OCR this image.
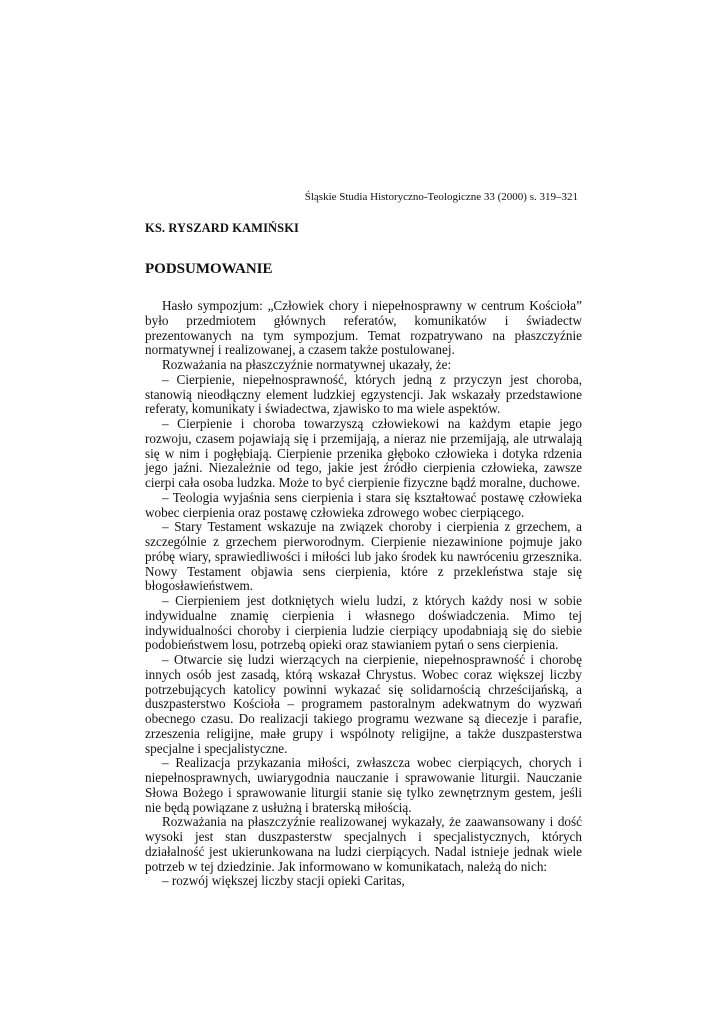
Śląskie Studia Historyczno-Teologiczne 33 (2000) s. 319–321
KS. RYSZARD KAMIŃSKI
PODSUMOWANIE

Hasło sympozjum: „Człowiek chory i niepełnosprawny w centrum Kościoła” było przedmiotem głównych referatów, komunikatów i świadectw prezentowanych na tym sympozjum. Temat rozpatrywano na płaszczyźnie normatywnej i realizowanej, a czasem także postulowanej.

Rozważania na płaszczyźnie normatywnej ukazały, że:

– Cierpienie, niepełnosprawność, których jedną z przyczyn jest choroba, stanowią nieodłączny element ludzkiej egzystencji. Jak wskazały przedstawione referaty, komunikaty i świadectwa, zjawisko to ma wiele aspektów.

– Cierpienie i choroba towarzyszą człowiekowi na każdym etapie jego rozwoju, czasem pojawiają się i przemijają, a nieraz nie przemijają, ale utrwalają się w nim i pogłębiają. Cierpienie przenika głęboko człowieka i dotyka rdzenia jego jaźni. Niezależnie od tego, jakie jest źródło cierpienia człowieka, zawsze cierpi cała osoba ludzka. Może to być cierpienie fizyczne bądź moralne, duchowe.

– Teologia wyjaśnia sens cierpienia i stara się kształtować postawę człowieka wobec cierpienia oraz postawę człowieka zdrowego wobec cierpiącego.

– Stary Testament wskazuje na związek choroby i cierpienia z grzechem, a szczególnie z grzechem pierworodnym. Cierpienie niezawinione pojmuje jako próbę wiary, sprawiedliwości i miłości lub jako środek ku nawróceniu grzesznika. Nowy Testament objawia sens cierpienia, które z przekleństwa staje się błogosławieństwem.

– Cierpieniem jest dotkniętych wielu ludzi, z których każdy nosi w sobie indywidualne znamię cierpienia i własnego doświadczenia. Mimo tej indywidualności choroby i cierpienia ludzie cierpiący upodabniają się do siebie podobieństwem losu, potrzebą opieki oraz stawianiem pytań o sens cierpienia.

– Otwarcie się ludzi wierzących na cierpienie, niepełnosprawność i chorobę innych osób jest zasadą, którą wskazał Chrystus. Wobec coraz większej liczby potrzebujących katolicy powinni wykazać się solidarnością chrześcijańską, a duszpasterstwo Kościoła – programem pastoralnym adekwatnym do wyzwań obecnego czasu. Do realizacji takiego programu wezwane są diecezje i parafie, zrzeszenia religijne, małe grupy i wspólnoty religijne, a także duszpasterstwa specjalne i specjalistyczne.

– Realizacja przykazania miłości, zwłaszcza wobec cierpiących, chorych i niepełnosprawnych, uwiarygodnia nauczanie i sprawowanie liturgii. Nauczanie Słowa Bożego i sprawowanie liturgii stanie się tylko zewnętrznym gestem, jeśli nie będą powiązane z usłużną i braterską miłością.

Rozważania na płaszczyźnie realizowanej wykazały, że zaawansowany i dość wysoki jest stan duszpasterstw specjalnych i specjalistycznych, których działalność jest ukierunkowana na ludzi cierpiących. Nadal istnieje jednak wiele potrzeb w tej dziedzinie. Jak informowano w komunikatach, należą do nich:

– rozwój większej liczby stacji opieki Caritas,
